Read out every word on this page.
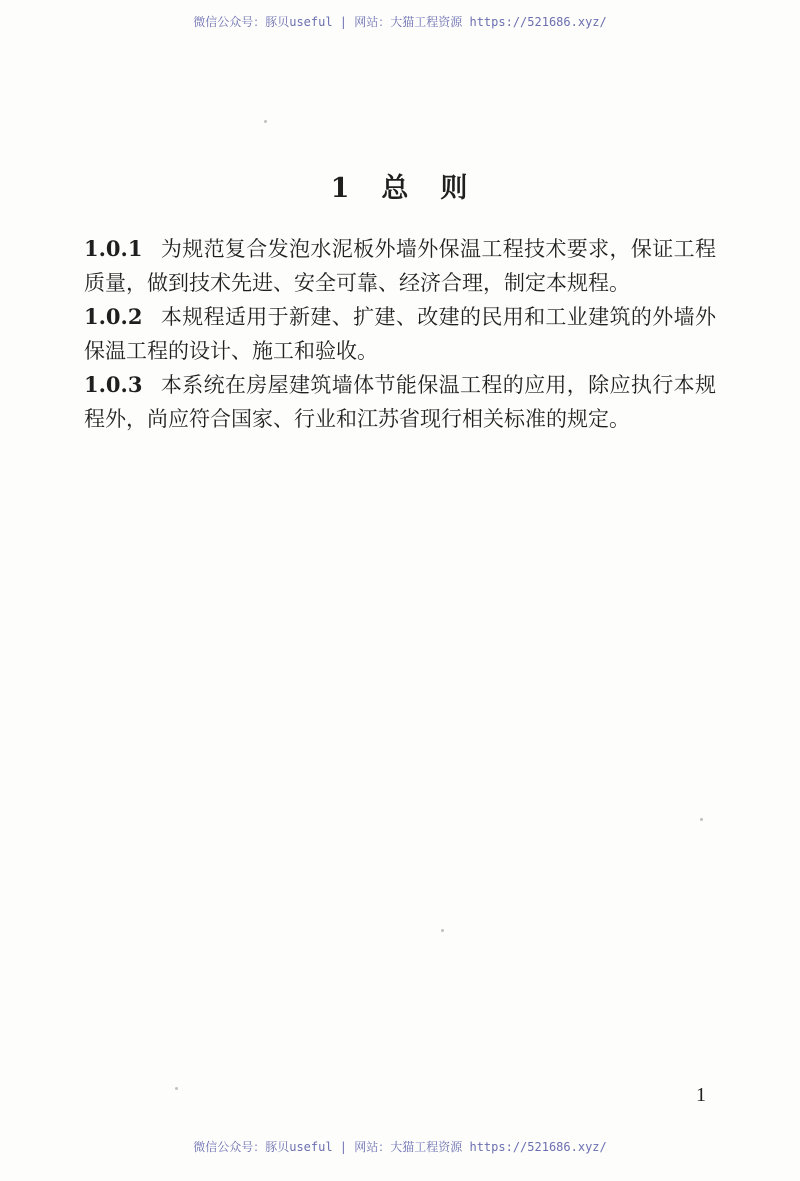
微信公众号：豚贝useful | 网站：大猫工程资源 https://521686.xyz/
1 总 则

1.0.1 为规范复合发泡水泥板外墙外保温工程技术要求，保证工程质量，做到技术先进、安全可靠、经济合理，制定本规程。

1.0.2 本规程适用于新建、扩建、改建的民用和工业建筑的外墙外保温工程的设计、施工和验收。

1.0.3 本系统在房屋建筑墙体节能保温工程的应用，除应执行本规程外，尚应符合国家、行业和江苏省现行相关标准的规定。

1
微信公众号：豚贝useful | 网站：大猫工程资源 https://521686.xyz/
